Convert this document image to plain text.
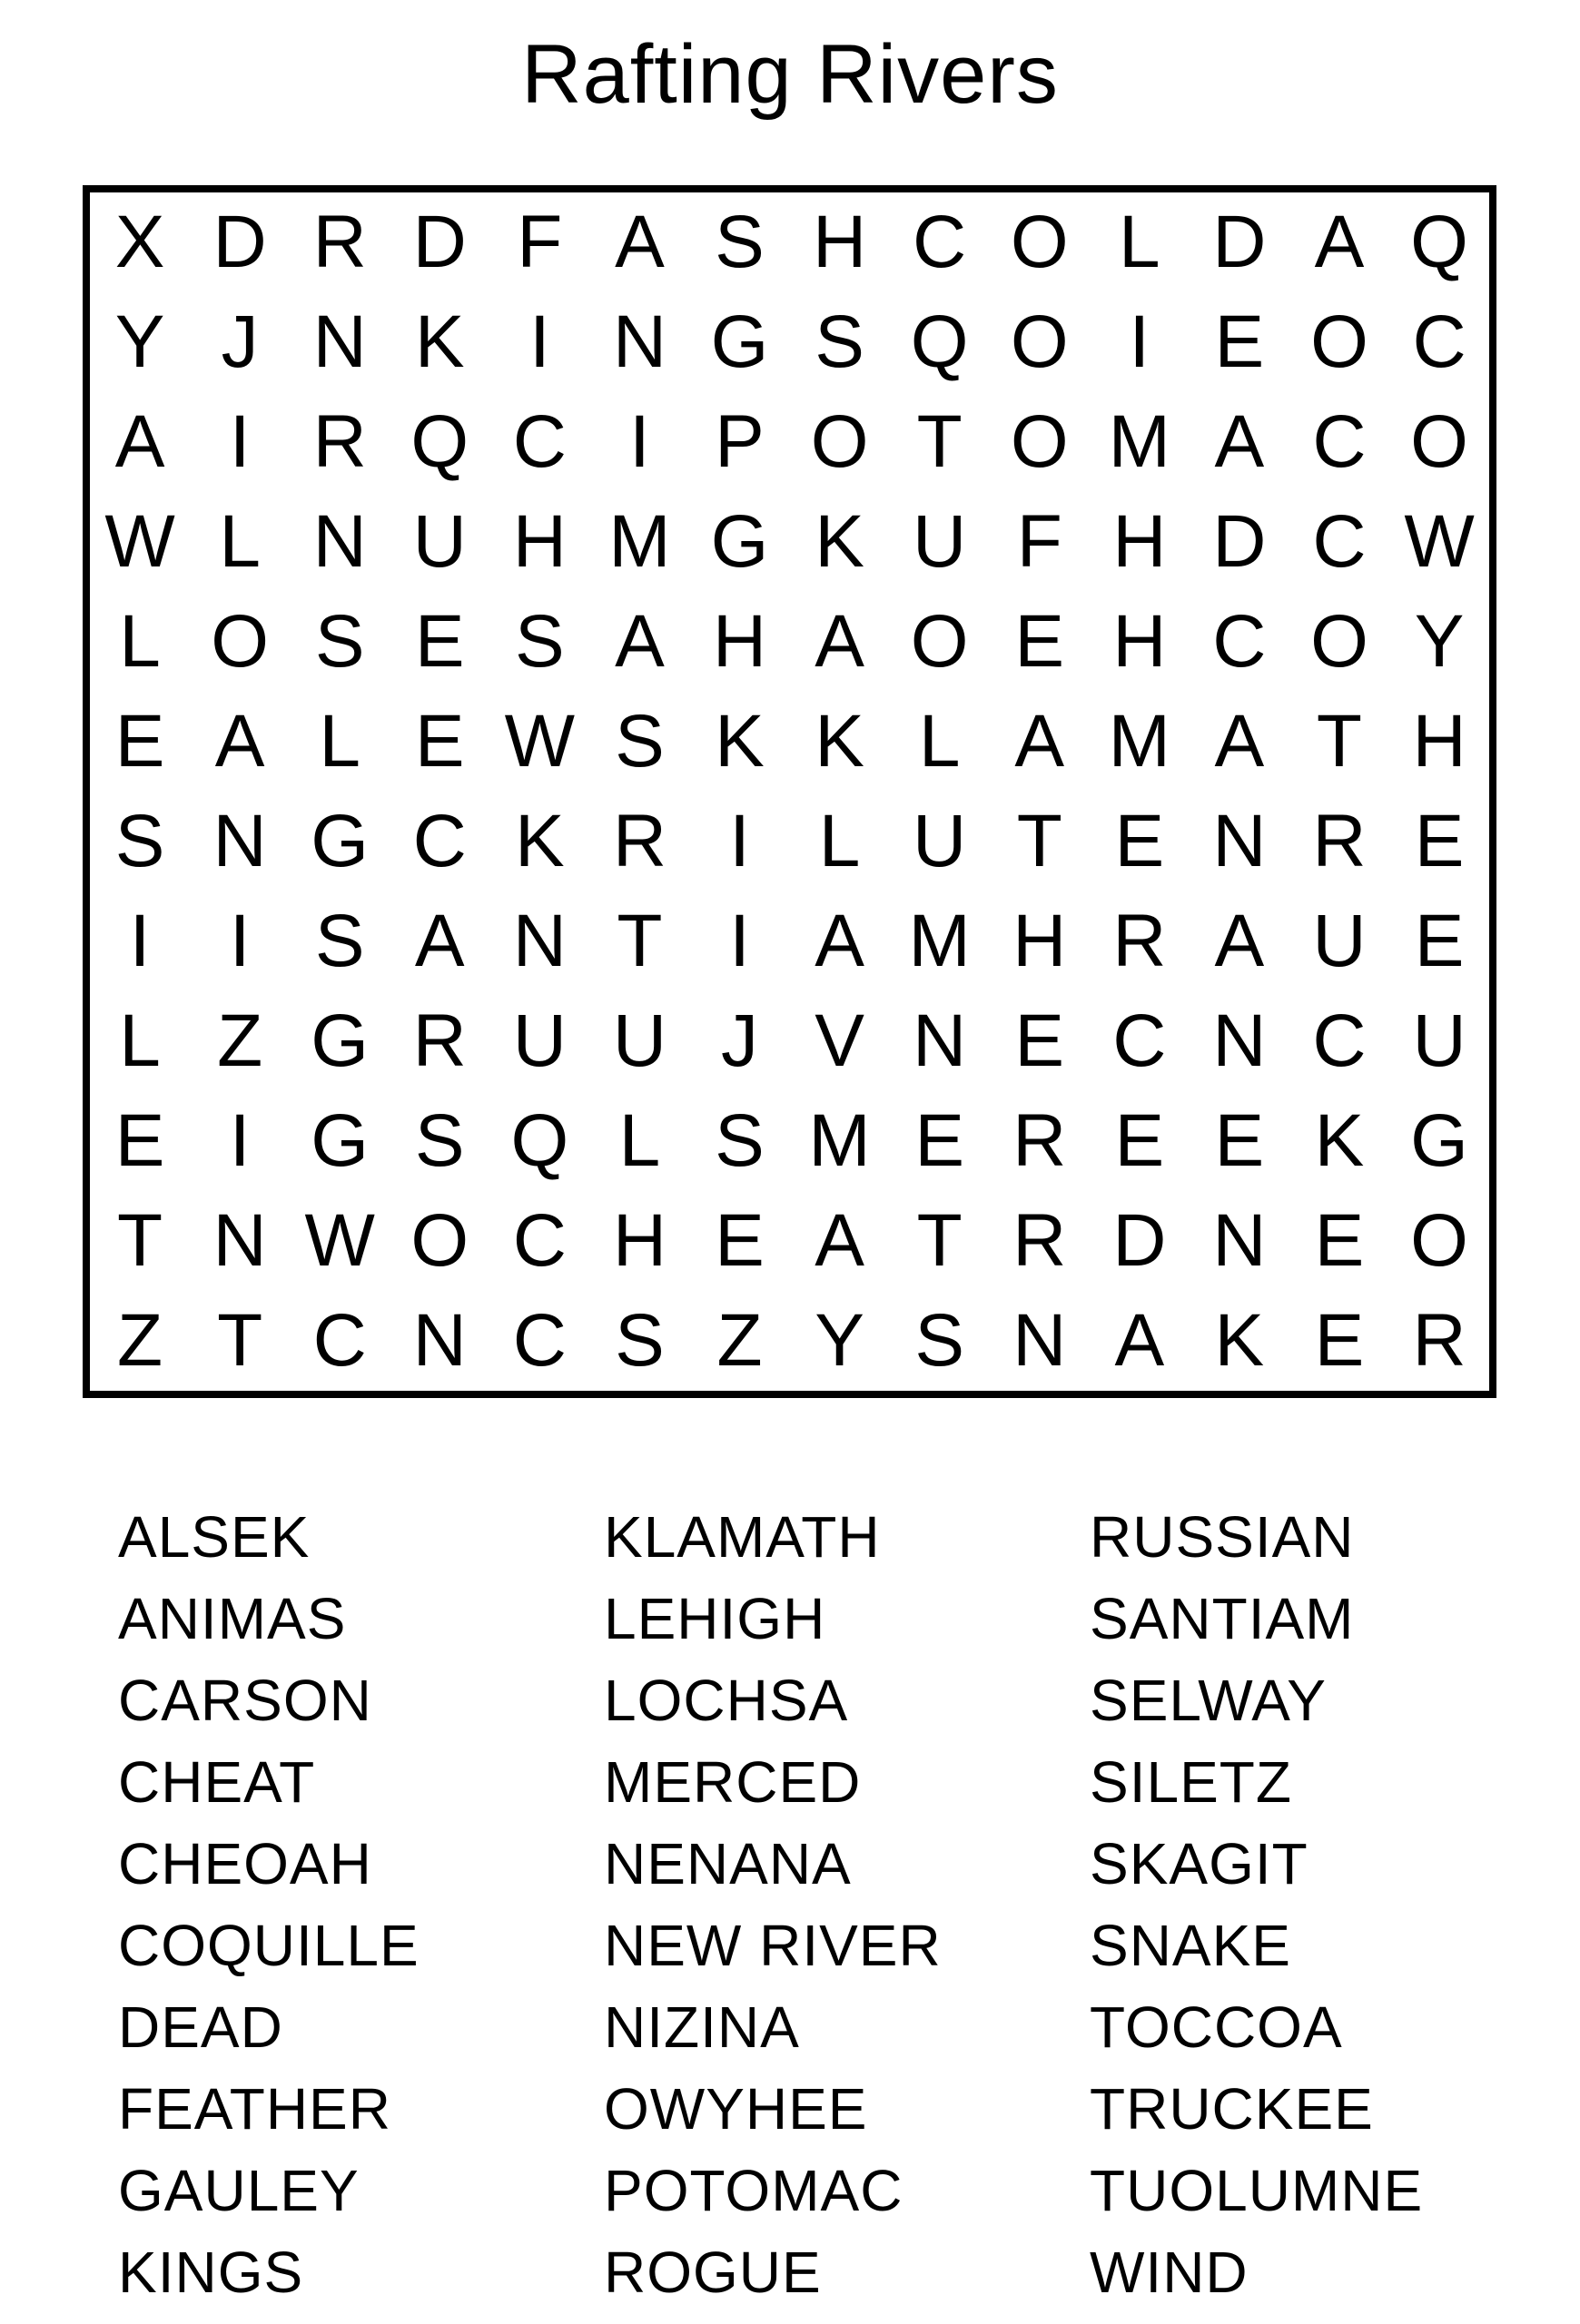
Rafting Rivers
X D R D F A S H C O L D A Q
Y J N K I N G S Q O I E O C
A I R Q C I P O T O M A C O
W L N U H M G K U F H D C W
L O S E S A H A O E H C O Y
E A L E W S K K L A M A T H
S N G C K R I L U T E N R E
I	I S A N T I A M H R A U E
L Z G R U U J V N E C N C U
E I G S Q L S M E R E E K G
T N W O C H E A T R D N E O
Z T C N C S Z Y S N A K E R
ALSEK
ANIMAS
CARSON
CHEAT
CHEOAH
COQUILLE
DEAD
FEATHER
GAULEY
KINGS
KLAMATH
LEHIGH
LOCHSA
MERCED
NENANA
NEW RIVER
NIZINA
OWYHEE
POTOMAC
ROGUE
RUSSIAN
SANTIAM
SELWAY
SILETZ
SKAGIT
SNAKE
TOCCOA
TRUCKEE
TUOLUMNE
WIND
